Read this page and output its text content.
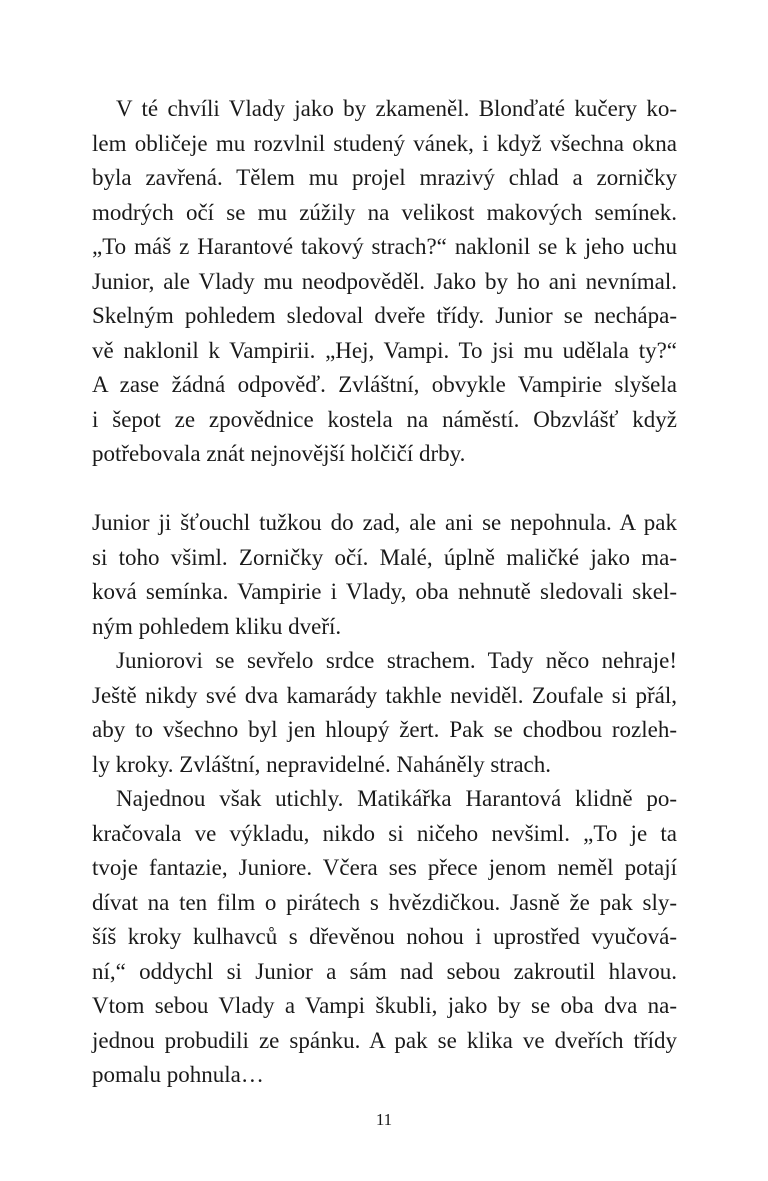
V té chvíli Vlady jako by zkameněl. Blonďaté kučery ko-
lem obličeje mu rozvlnil studený vánek, i když všechna okna
byla zavřená. Tělem mu projel mrazivý chlad a zorničky
modrých očí se mu zúžily na velikost makových semínek.
„To máš z Harantové takový strach?“ naklonil se k jeho uchu
Junior, ale Vlady mu neodpověděl. Jako by ho ani nevnímal.
Skelným pohledem sledoval dveře třídy. Junior se nechápa-
vě naklonil k Vampirii. „Hej, Vampi. To jsi mu udělala ty?“
A zase žádná odpověď. Zvláštní, obvykle Vampirie slyšela
i šepot ze zpovědnice kostela na náměstí. Obzvlášť když
potřebovala znát nejnovější holčičí drby.
Junior ji šťouchl tužkou do zad, ale ani se nepohnula. A pak
si toho všiml. Zorničky očí. Malé, úplně maličké jako ma-
ková semínka. Vampirie i Vlady, oba nehnutě sledovali skel-
ným pohledem kliku dveří.
Juniorovi se sevřelo srdce strachem. Tady něco nehraje!
Ještě nikdy své dva kamarády takhle neviděl. Zoufale si přál,
aby to všechno byl jen hloupý žert. Pak se chodbou rozleh-
ly kroky. Zvláštní, nepravidelné. Naháněly strach.
Najednou však utichly. Matikářka Harantová klidně po-
kračovala ve výkladu, nikdo si ničeho nevšiml. „To je ta
tvoje fantazie, Juniore. Včera ses přece jenom neměl potají
dívat na ten film o pirátech s hvězdičkou. Jasně že pak sly-
šíš kroky kulhavců s dřevěnou nohou i uprostřed vyučová-
ní,“ oddychl si Junior a sám nad sebou zakroutil hlavou.
Vtom sebou Vlady a Vampi škubli, jako by se oba dva na-
jednou probudili ze spánku. A pak se klika ve dveřích třídy
pomalu pohnula…
11
